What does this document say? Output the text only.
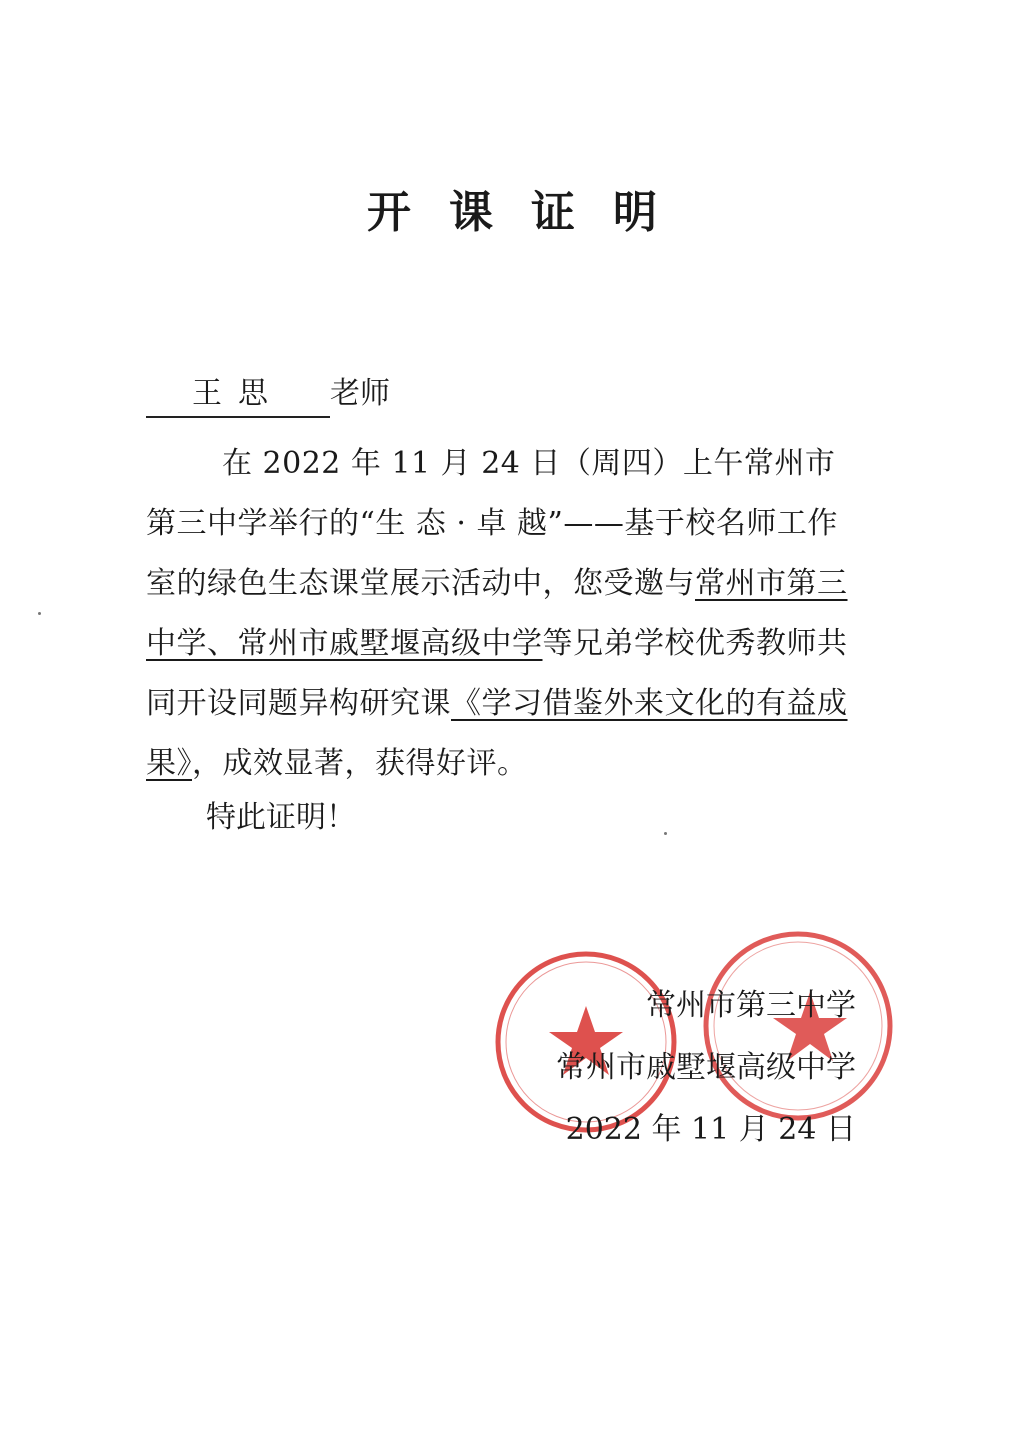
开 课 证 明
王思 老师
在 2022 年 11 月 24 日（周四）上午常州市第三中学举行的“生 态 · 卓 越”——基于校名师工作室的绿色生态课堂展示活动中，您受邀与常州市第三中学、常州市戚墅堰高级中学等兄弟学校优秀教师共同开设同题异构研究课《学习借鉴外来文化的有益成果》，成效显著，获得好评。
特此证明！
常州市第三中学
常州市戚墅堰高级中学
2022 年 11 月 24 日
